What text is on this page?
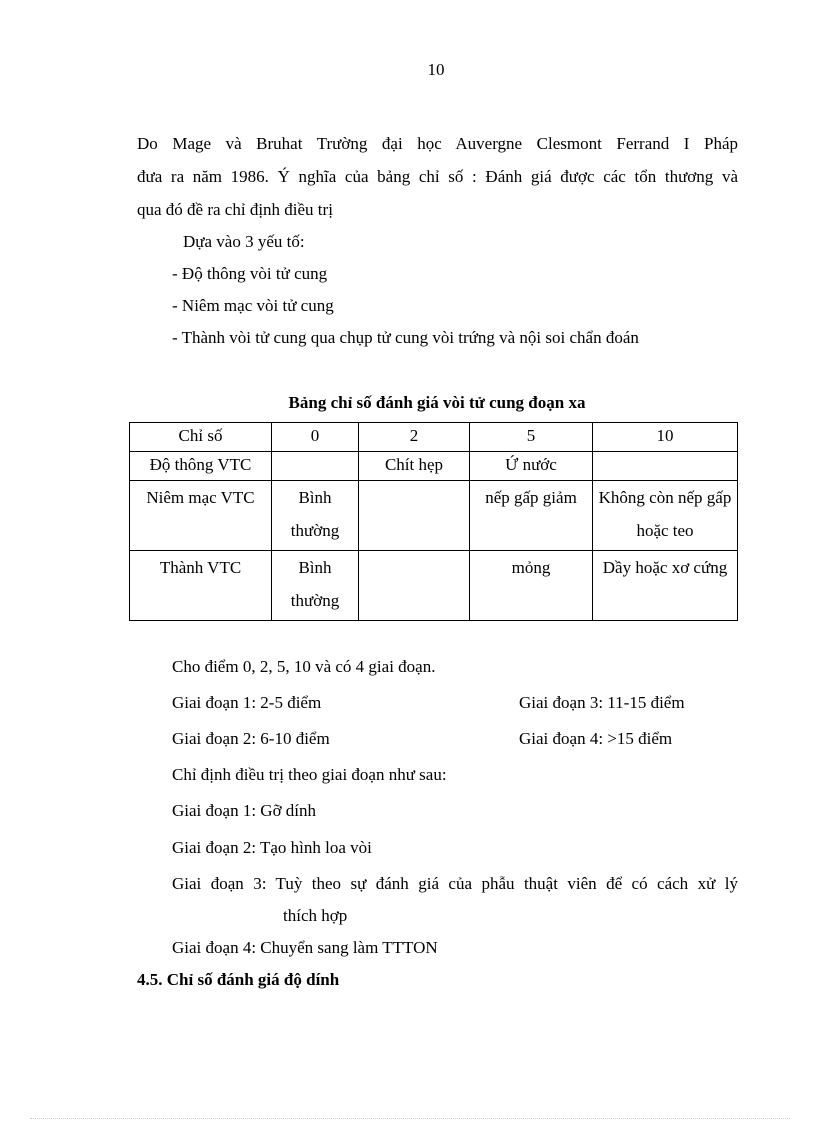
10
Do Mage và Bruhat Trường đại học Auvergne Clesmont Ferrand I Pháp
đưa ra năm 1986. Ý nghĩa của bảng chỉ số : Đánh giá được các tổn thương và
qua đó đề ra chỉ định điều trị
Dựa vào 3 yếu tố:
- Độ thông vòi tử cung
- Niêm mạc vòi tử cung
- Thành vòi tử cung qua chụp tử cung vòi trứng và nội soi chẩn đoán
Bảng chỉ số đánh giá vòi tử cung đoạn xa
Chỉ số	0	2	5	10
Độ thông VTC		Chít hẹp	Ứ nước	
Niêm mạc VTC	Bình thường		nếp gấp giảm	Không còn nếp gấp hoặc teo
Thành VTC	Bình thường		mỏng	Dầy hoặc xơ cứng
Cho điểm 0, 2, 5, 10 và có 4 giai đoạn.
Giai đoạn 1: 2-5 điểm	Giai đoạn 3: 11-15 điểm
Giai đoạn 2: 6-10 điểm	Giai đoạn 4: >15 điểm
Chỉ định điều trị theo giai đoạn như sau:
Giai đoạn 1: Gỡ dính
Giai đoạn 2: Tạo hình loa vòi
Giai đoạn 3: Tuỳ theo sự đánh giá của phẫu thuật viên để có cách xử lý
thích hợp
Giai đoạn 4: Chuyển sang làm TTTON
4.5. Chỉ số đánh giá độ dính
